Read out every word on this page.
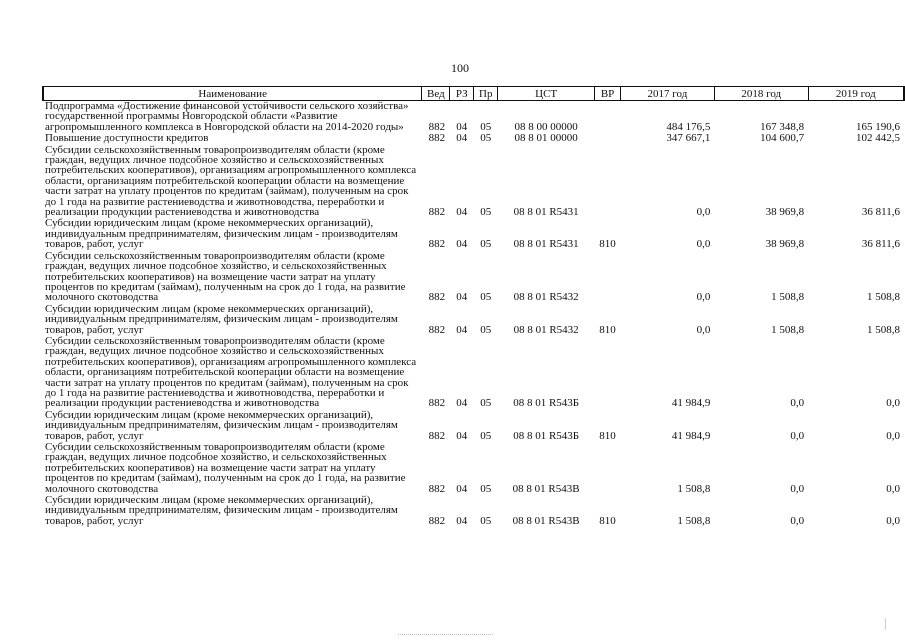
100
Наименование	Вед	РЗ	Пр	ЦСТ	ВР	2017 год	2018 год	2019 год
Подпрограмма «Достижение финансовой устойчивости сельского хозяйства» государственной программы Новгородской области «Развитие агропромышленного комплекса в Новгородской области на 2014-2020 годы»	882	04	05	08 8 00 00000		484 176,5	167 348,8	165 190,6
Повышение доступности кредитов	882	04	05	08 8 01 00000		347 667,1	104 600,7	102 442,5
Субсидии сельскохозяйственным товаропроизводителям области (кроме граждан, ведущих личное подсобное хозяйство и сельскохозяйственных потребительских кооперативов), организациям агропромышленного комплекса области, организациям потребительской кооперации области на возмещение части затрат на уплату процентов по кредитам (займам), полученным на срок до 1 года на развитие растениеводства и животноводства, переработки и реализации продукции растениеводства и животноводства	882	04	05	08 8 01 R5431		0,0	38 969,8	36 811,6
Субсидии юридическим лицам (кроме некоммерческих организаций), индивидуальным предпринимателям, физическим лицам - производителям товаров, работ, услуг	882	04	05	08 8 01 R5431	810	0,0	38 969,8	36 811,6
Субсидии сельскохозяйственным товаропроизводителям области (кроме граждан, ведущих личное подсобное хозяйство, и сельскохозяйственных потребительских кооперативов) на возмещение части затрат на уплату процентов по кредитам (займам), полученным на срок до 1 года, на развитие молочного скотоводства	882	04	05	08 8 01 R5432		0,0	1 508,8	1 508,8
Субсидии юридическим лицам (кроме некоммерческих организаций), индивидуальным предпринимателям, физическим лицам - производителям товаров, работ, услуг	882	04	05	08 8 01 R5432	810	0,0	1 508,8	1 508,8
Субсидии сельскохозяйственным товаропроизводителям области (кроме граждан, ведущих личное подсобное хозяйство и сельскохозяйственных потребительских кооперативов), организациям агропромышленного комплекса области, организациям потребительской кооперации области на возмещение части затрат на уплату процентов по кредитам (займам), полученным на срок до 1 года на развитие растениеводства и животноводства, переработки и реализации продукции растениеводства и животноводства	882	04	05	08 8 01 R543Б		41 984,9	0,0	0,0
Субсидии юридическим лицам (кроме некоммерческих организаций), индивидуальным предпринимателям, физическим лицам - производителям товаров, работ, услуг	882	04	05	08 8 01 R543Б	810	41 984,9	0,0	0,0
Субсидии сельскохозяйственным товаропроизводителям области (кроме граждан, ведущих личное подсобное хозяйство, и сельскохозяйственных потребительских кооперативов) на возмещение части затрат на уплату процентов по кредитам (займам), полученным на срок до 1 года, на развитие молочного скотоводства	882	04	05	08 8 01 R543В		1 508,8	0,0	0,0
Субсидии юридическим лицам (кроме некоммерческих организаций), индивидуальным предпринимателям, физическим лицам - производителям товаров, работ, услуг	882	04	05	08 8 01 R543В	810	1 508,8	0,0	0,0
